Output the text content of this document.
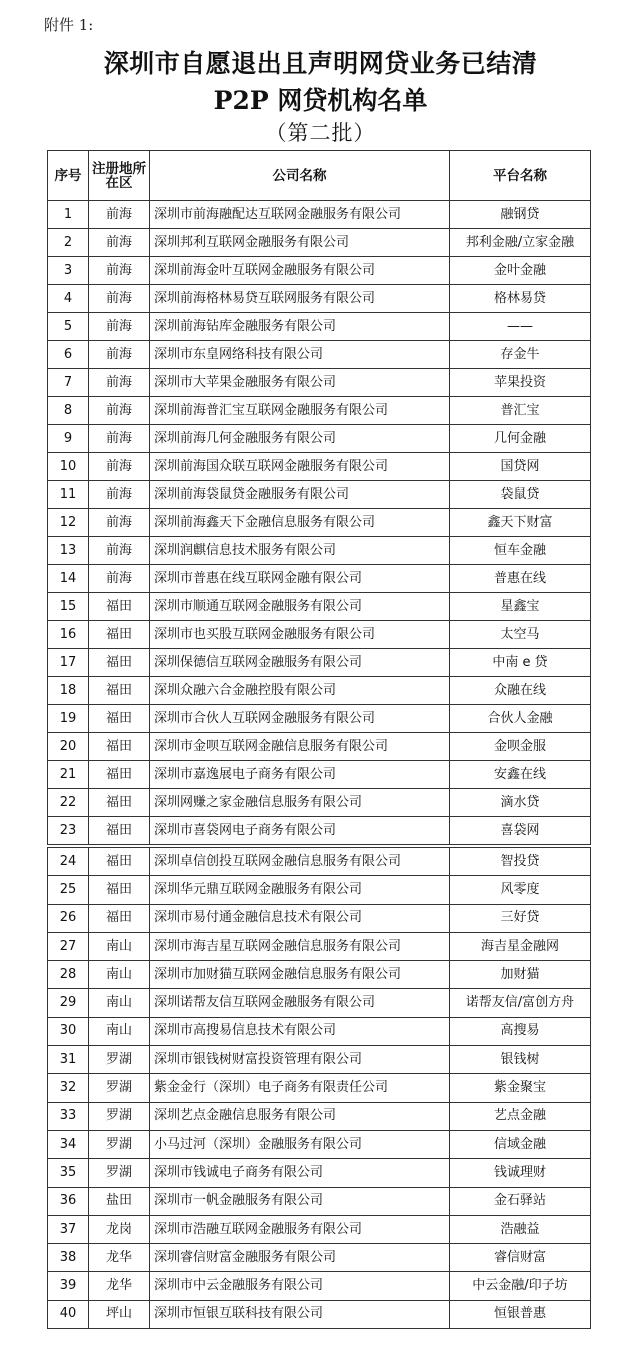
附件 1:
深圳市自愿退出且声明网贷业务已结清
P2P 网贷机构名单
（第二批）
序号	注册地所在区	公司名称	平台名称
1	前海	深圳市前海融配达互联网金融服务有限公司	融钢贷
2	前海	深圳邦利互联网金融服务有限公司	邦利金融/立家金融
3	前海	深圳前海金叶互联网金融服务有限公司	金叶金融
4	前海	深圳前海格林易贷互联网服务有限公司	格林易贷
5	前海	深圳前海钻库金融服务有限公司	——
6	前海	深圳市东皇网络科技有限公司	存金牛
7	前海	深圳市大苹果金融服务有限公司	苹果投资
8	前海	深圳前海普汇宝互联网金融服务有限公司	普汇宝
9	前海	深圳前海几何金融服务有限公司	几何金融
10	前海	深圳前海国众联互联网金融服务有限公司	国贷网
11	前海	深圳前海袋鼠贷金融服务有限公司	袋鼠贷
12	前海	深圳前海鑫天下金融信息服务有限公司	鑫天下财富
13	前海	深圳润麒信息技术服务有限公司	恒车金融
14	前海	深圳市普惠在线互联网金融有限公司	普惠在线
15	福田	深圳市顺通互联网金融服务有限公司	星鑫宝
16	福田	深圳市也买股互联网金融服务有限公司	太空马
17	福田	深圳保德信互联网金融服务有限公司	中南 e 贷
18	福田	深圳众融六合金融控股有限公司	众融在线
19	福田	深圳市合伙人互联网金融服务有限公司	合伙人金融
20	福田	深圳市金呗互联网金融信息服务有限公司	金呗金服
21	福田	深圳市嘉逸展电子商务有限公司	安鑫在线
22	福田	深圳网赚之家金融信息服务有限公司	滴水贷
23	福田	深圳市喜袋网电子商务有限公司	喜袋网
24	福田	深圳卓信创投互联网金融信息服务有限公司	智投贷
25	福田	深圳华元鼎互联网金融服务有限公司	风零度
26	福田	深圳市易付通金融信息技术有限公司	三好贷
27	南山	深圳市海吉星互联网金融信息服务有限公司	海吉星金融网
28	南山	深圳市加财猫互联网金融信息服务有限公司	加财猫
29	南山	深圳诺帮友信互联网金融服务有限公司	诺帮友信/富创方舟
30	南山	深圳市高搜易信息技术有限公司	高搜易
31	罗湖	深圳市银钱树财富投资管理有限公司	银钱树
32	罗湖	紫金金行（深圳）电子商务有限责任公司	紫金聚宝
33	罗湖	深圳艺点金融信息服务有限公司	艺点金融
34	罗湖	小马过河（深圳）金融服务有限公司	信域金融
35	罗湖	深圳市钱诚电子商务有限公司	钱诚理财
36	盐田	深圳市一帆金融服务有限公司	金石驿站
37	龙岗	深圳市浩融互联网金融服务有限公司	浩融益
38	龙华	深圳睿信财富金融服务有限公司	睿信财富
39	龙华	深圳市中云金融服务有限公司	中云金融/印子坊
40	坪山	深圳市恒银互联科技有限公司	恒银普惠
